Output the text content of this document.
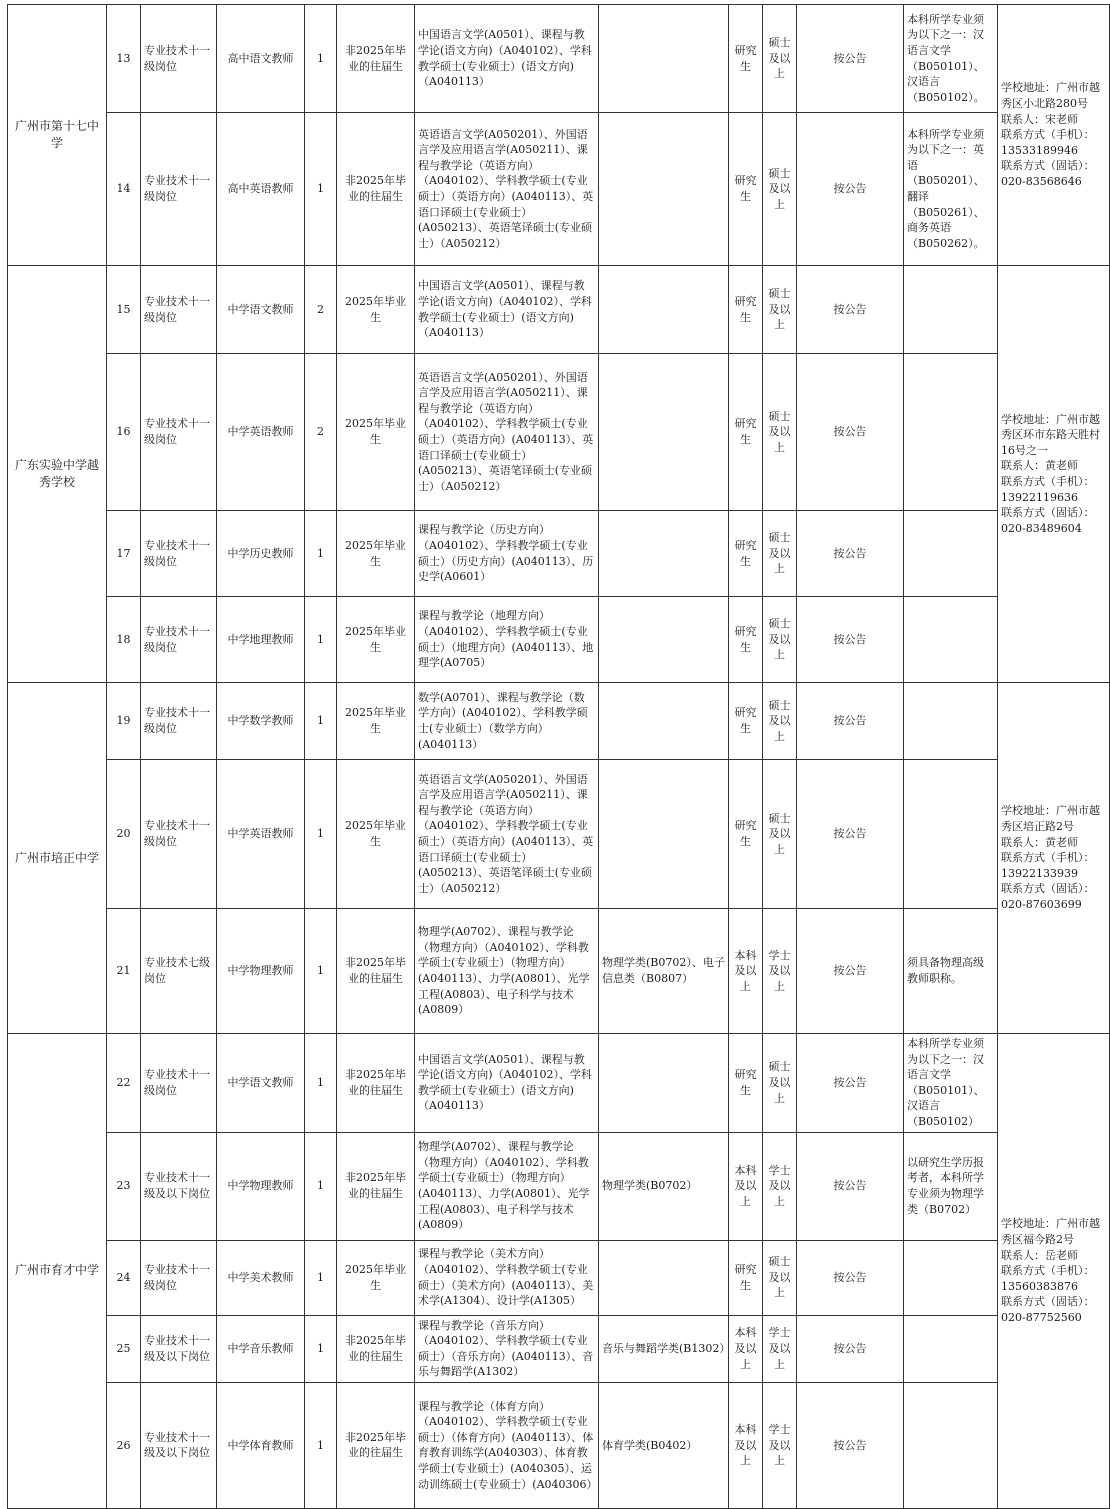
广州市第十七中学	13	专业技术十一级岗位	高中语文教师	1	非2025年毕业的往届生	中国语言文学(A0501）、课程与教学论(语文方向)（A040102）、学科教学硕士(专业硕士）(语文方向)（A040113）		研究生	硕士及以上	按公告	本科所学专业须为以下之一：汉语言文学（B050101）、汉语言（B050102）。	学校地址：广州市越秀区小北路280号
联系人：宋老师
联系方式（手机）：13533189946
联系方式（固话）：020-83568646
	14	专业技术十一级岗位	高中英语教师	1	非2025年毕业的往届生	英语语言文学(A050201）、外国语言学及应用语言学(A050211）、课程与教学论（英语方向）（A040102）、学科教学硕士(专业硕士）（英语方向）(A040113）、英语口译硕士(专业硕士）(A050213）、英语笔译硕士(专业硕士）（A050212）		研究生	硕士及以上	按公告	本科所学专业须为以下之一：英语（B050201）、翻译（B050261）、商务英语（B050262）。	
广东实验中学越秀学校	15	专业技术十一级岗位	中学语文教师	2	2025年毕业生	中国语言文学(A0501）、课程与教学论(语文方向)（A040102）、学科教学硕士(专业硕士）(语文方向)（A040113）		研究生	硕士及以上	按公告		学校地址：广州市越秀区环市东路天胜村16号之一
联系人：黄老师
联系方式（手机）：13922119636
联系方式（固话）：020-83489604
	16	专业技术十一级岗位	中学英语教师	2	2025年毕业生	英语语言文学(A050201）、外国语言学及应用语言学(A050211）、课程与教学论（英语方向）（A040102）、学科教学硕士(专业硕士）（英语方向）(A040113）、英语口译硕士(专业硕士）(A050213）、英语笔译硕士(专业硕士）（A050212）		研究生	硕士及以上	按公告		
	17	专业技术十一级岗位	中学历史教师	1	2025年毕业生	课程与教学论（历史方向）（A040102）、学科教学硕士(专业硕士）（历史方向）(A040113）、历史学(A0601）		研究生	硕士及以上	按公告		
	18	专业技术十一级岗位	中学地理教师	1	2025年毕业生	课程与教学论（地理方向）（A040102）、学科教学硕士(专业硕士）（地理方向）(A040113）、地理学(A0705）		研究生	硕士及以上	按公告		
广州市培正中学	19	专业技术十一级岗位	中学数学教师	1	2025年毕业生	数学(A0701）、课程与教学论（数学方向）(A040102）、学科教学硕士(专业硕士）（数学方向）(A040113）		研究生	硕士及以上	按公告		学校地址：广州市越秀区培正路2号
联系人：黄老师
联系方式（手机）：13922133939
联系方式（固话）：020-87603699
	20	专业技术十一级岗位	中学英语教师	1	2025年毕业生	英语语言文学(A050201）、外国语言学及应用语言学(A050211）、课程与教学论（英语方向）（A040102）、学科教学硕士(专业硕士）（英语方向）(A040113）、英语口译硕士(专业硕士）(A050213）、英语笔译硕士(专业硕士）（A050212）		研究生	硕士及以上	按公告		
	21	专业技术七级岗位	中学物理教师	1	非2025年毕业的往届生	物理学(A0702）、课程与教学论（物理方向）（A040102）、学科教学硕士(专业硕士）（物理方向）(A040113）、力学(A0801）、光学工程(A0803）、电子科学与技术(A0809）	物理学类(B0702）、电子信息类（B0807）	本科及以上	学士及以上	按公告	须具备物理高级教师职称。	
广州市育才中学	22	专业技术十一级岗位	中学语文教师	1	非2025年毕业的往届生	中国语言文学(A0501）、课程与教学论(语文方向)（A040102）、学科教学硕士(专业硕士）(语文方向)（A040113）		研究生	硕士及以上	按公告	本科所学专业须为以下之一：汉语言文学（B050101）、汉语言（B050102）	学校地址：广州市越秀区福今路2号
联系人：岳老师
联系方式（手机）：13560383876
联系方式（固话）：020-87752560
	23	专业技术十一级及以下岗位	中学物理教师	1	非2025年毕业的往届生	物理学(A0702）、课程与教学论（物理方向）（A040102）、学科教学硕士(专业硕士）（物理方向）(A040113）、力学(A0801）、光学工程(A0803）、电子科学与技术(A0809）	物理学类(B0702）	本科及以上	学士及以上	按公告	以研究生学历报考者，本科所学专业须为物理学类（B0702）	
	24	专业技术十一级岗位	中学美术教师	1	2025年毕业生	课程与教学论（美术方向）（A040102）、学科教学硕士(专业硕士）（美术方向）(A040113）、美术学(A1304）、设计学(A1305）		研究生	硕士及以上	按公告		
	25	专业技术十一级及以下岗位	中学音乐教师	1	非2025年毕业的往届生	课程与教学论（音乐方向）（A040102）、学科教学硕士(专业硕士）（音乐方向）(A040113）、音乐与舞蹈学(A1302）	音乐与舞蹈学类(B1302）	本科及以上	学士及以上	按公告		
	26	专业技术十一级及以下岗位	中学体育教师	1	非2025年毕业的往届生	课程与教学论（体育方向）（A040102）、学科教学硕士(专业硕士）（体育方向）(A040113）、体育教育训练学(A040303）、体育教学硕士(专业硕士）(A040305）、运动训练硕士(专业硕士）(A040306）	体育学类(B0402）	本科及以上	学士及以上	按公告		
